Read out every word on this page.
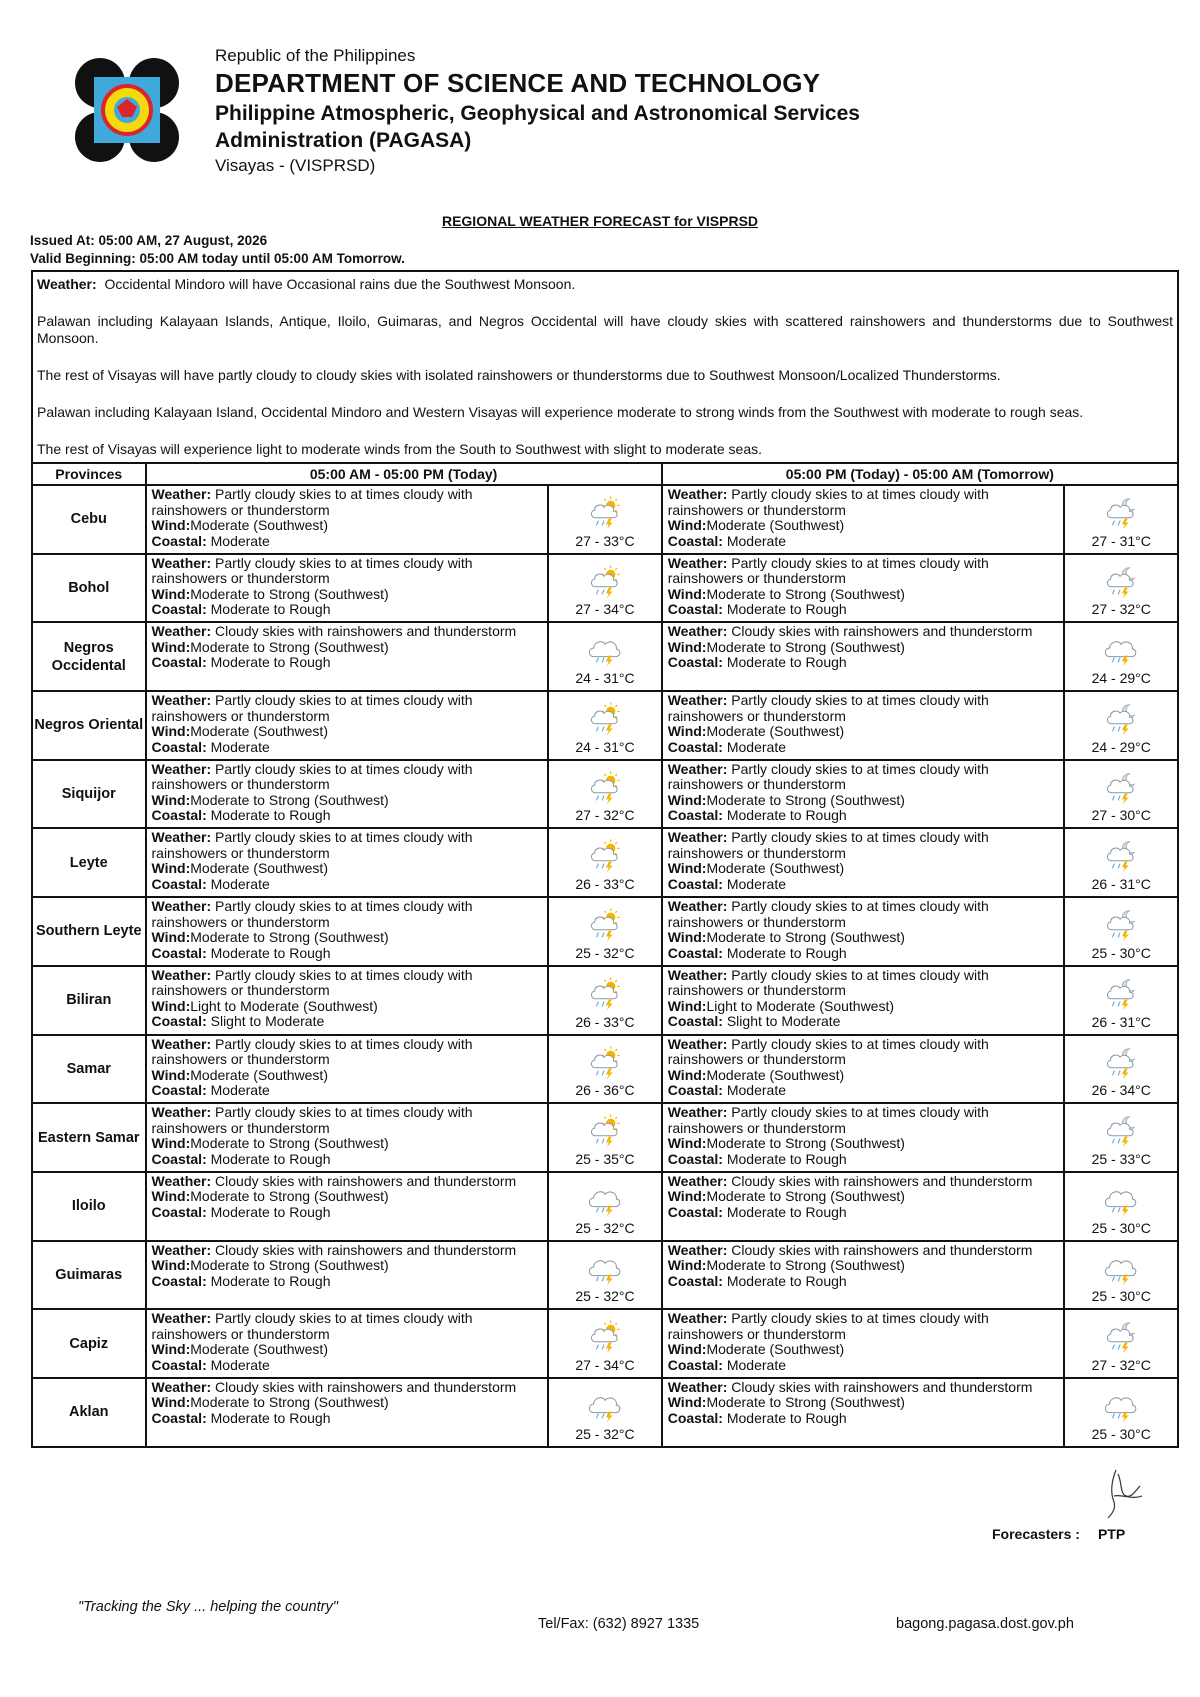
Republic of the Philippines
DEPARTMENT OF SCIENCE AND TECHNOLOGY
Philippine Atmospheric, Geophysical and Astronomical Services
Administration (PAGASA)
Visayas - (VISPRSD)
REGIONAL WEATHER FORECAST for VISPRSD
Issued At: 05:00 AM, 27 August, 2026
Valid Beginning: 05:00 AM today until 05:00 AM Tomorrow.

Weather: Occidental Mindoro will have Occasional rains due the Southwest Monsoon.

Palawan including Kalayaan Islands, Antique, Iloilo, Guimaras, and Negros Occidental will have cloudy skies with scattered rainshowers and thunderstorms due to Southwest Monsoon.

The rest of Visayas will have partly cloudy to cloudy skies with isolated rainshowers or thunderstorms due to Southwest Monsoon/Localized Thunderstorms.

Palawan including Kalayaan Island, Occidental Mindoro and Western Visayas will experience moderate to strong winds from the Southwest with moderate to rough seas.

The rest of Visayas will experience light to moderate winds from the South to Southwest with slight to moderate seas.

Provinces	05:00 AM - 05:00 PM (Today)		05:00 PM (Today) - 05:00 AM (Tomorrow)	
Cebu	Weather: Partly cloudy skies to at times cloudy with rainshowers or thunderstorm
Wind:Moderate (Southwest)
Coastal: Moderate	27 - 33°C	Weather: Partly cloudy skies to at times cloudy with rainshowers or thunderstorm
Wind:Moderate (Southwest)
Coastal: Moderate	27 - 31°C

Bohol	Weather: Partly cloudy skies to at times cloudy with rainshowers or thunderstorm
Wind:Moderate to Strong (Southwest)
Coastal: Moderate to Rough	27 - 34°C	Weather: Partly cloudy skies to at times cloudy with rainshowers or thunderstorm
Wind:Moderate to Strong (Southwest)
Coastal: Moderate to Rough	27 - 32°C

Negros Occidental	Weather: Cloudy skies with rainshowers and thunderstorm
Wind:Moderate to Strong (Southwest)
Coastal: Moderate to Rough	24 - 31°C	Weather: Cloudy skies with rainshowers and thunderstorm
Wind:Moderate to Strong (Southwest)
Coastal: Moderate to Rough	24 - 29°C

Negros Oriental	Weather: Partly cloudy skies to at times cloudy with rainshowers or thunderstorm
Wind:Moderate (Southwest)
Coastal: Moderate	24 - 31°C	Weather: Partly cloudy skies to at times cloudy with rainshowers or thunderstorm
Wind:Moderate (Southwest)
Coastal: Moderate	24 - 29°C

Siquijor	Weather: Partly cloudy skies to at times cloudy with rainshowers or thunderstorm
Wind:Moderate to Strong (Southwest)
Coastal: Moderate to Rough	27 - 32°C	Weather: Partly cloudy skies to at times cloudy with rainshowers or thunderstorm
Wind:Moderate to Strong (Southwest)
Coastal: Moderate to Rough	27 - 30°C

Leyte	Weather: Partly cloudy skies to at times cloudy with rainshowers or thunderstorm
Wind:Moderate (Southwest)
Coastal: Moderate	26 - 33°C	Weather: Partly cloudy skies to at times cloudy with rainshowers or thunderstorm
Wind:Moderate (Southwest)
Coastal: Moderate	26 - 31°C

Southern Leyte	Weather: Partly cloudy skies to at times cloudy with rainshowers or thunderstorm
Wind:Moderate to Strong (Southwest)
Coastal: Moderate to Rough	25 - 32°C	Weather: Partly cloudy skies to at times cloudy with rainshowers or thunderstorm
Wind:Moderate to Strong (Southwest)
Coastal: Moderate to Rough	25 - 30°C

Biliran	Weather: Partly cloudy skies to at times cloudy with rainshowers or thunderstorm
Wind:Light to Moderate (Southwest)
Coastal: Slight to Moderate	26 - 33°C	Weather: Partly cloudy skies to at times cloudy with rainshowers or thunderstorm
Wind:Light to Moderate (Southwest)
Coastal: Slight to Moderate	26 - 31°C

Samar	Weather: Partly cloudy skies to at times cloudy with rainshowers or thunderstorm
Wind:Moderate (Southwest)
Coastal: Moderate	26 - 36°C	Weather: Partly cloudy skies to at times cloudy with rainshowers or thunderstorm
Wind:Moderate (Southwest)
Coastal: Moderate	26 - 34°C

Eastern Samar	Weather: Partly cloudy skies to at times cloudy with rainshowers or thunderstorm
Wind:Moderate to Strong (Southwest)
Coastal: Moderate to Rough	25 - 35°C	Weather: Partly cloudy skies to at times cloudy with rainshowers or thunderstorm
Wind:Moderate to Strong (Southwest)
Coastal: Moderate to Rough	25 - 33°C

Iloilo	Weather: Cloudy skies with rainshowers and thunderstorm
Wind:Moderate to Strong (Southwest)
Coastal: Moderate to Rough	25 - 32°C	Weather: Cloudy skies with rainshowers and thunderstorm
Wind:Moderate to Strong (Southwest)
Coastal: Moderate to Rough	25 - 30°C

Guimaras	Weather: Cloudy skies with rainshowers and thunderstorm
Wind:Moderate to Strong (Southwest)
Coastal: Moderate to Rough	25 - 32°C	Weather: Cloudy skies with rainshowers and thunderstorm
Wind:Moderate to Strong (Southwest)
Coastal: Moderate to Rough	25 - 30°C

Capiz	Weather: Partly cloudy skies to at times cloudy with rainshowers or thunderstorm
Wind:Moderate (Southwest)
Coastal: Moderate	27 - 34°C	Weather: Partly cloudy skies to at times cloudy with rainshowers or thunderstorm
Wind:Moderate (Southwest)
Coastal: Moderate	27 - 32°C

Aklan	Weather: Cloudy skies with rainshowers and thunderstorm
Wind:Moderate to Strong (Southwest)
Coastal: Moderate to Rough	25 - 32°C	Weather: Cloudy skies with rainshowers and thunderstorm
Wind:Moderate to Strong (Southwest)
Coastal: Moderate to Rough	25 - 30°C
Forecasters : PTP
"Tracking the Sky ... helping the country"
Tel/Fax: (632) 8927 1335	bagong.pagasa.dost.gov.ph
